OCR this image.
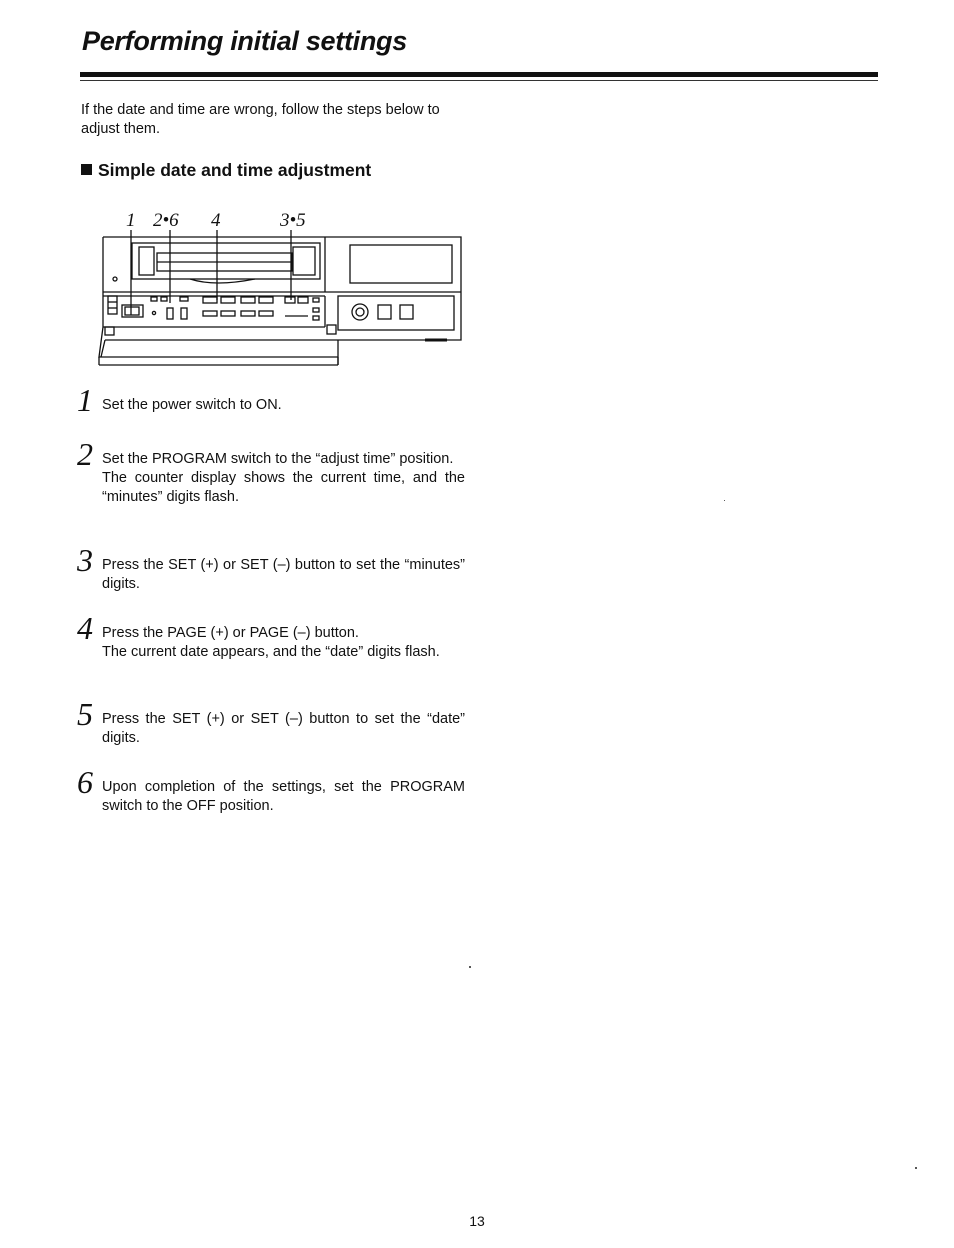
Performing initial settings

If the date and time are wrong, follow the steps below to adjust them.

Simple date and time adjustment
1 2•6 4	3•5
1 Set the power switch to ON.

2 Set the PROGRAM switch to the “adjust time” position.

The counter display shows the current time, and the “minutes” digits flash.

3 Press the SET (+) or SET (–) button to set the “minutes” digits.

4 Press the PAGE (+) or PAGE (–) button.

The current date appears, and the “date” digits flash.

5 Press the SET (+) or SET (–) button to set the “date” digits.

6 Upon completion of the settings, set the PROGRAM switch to the OFF position.

13
